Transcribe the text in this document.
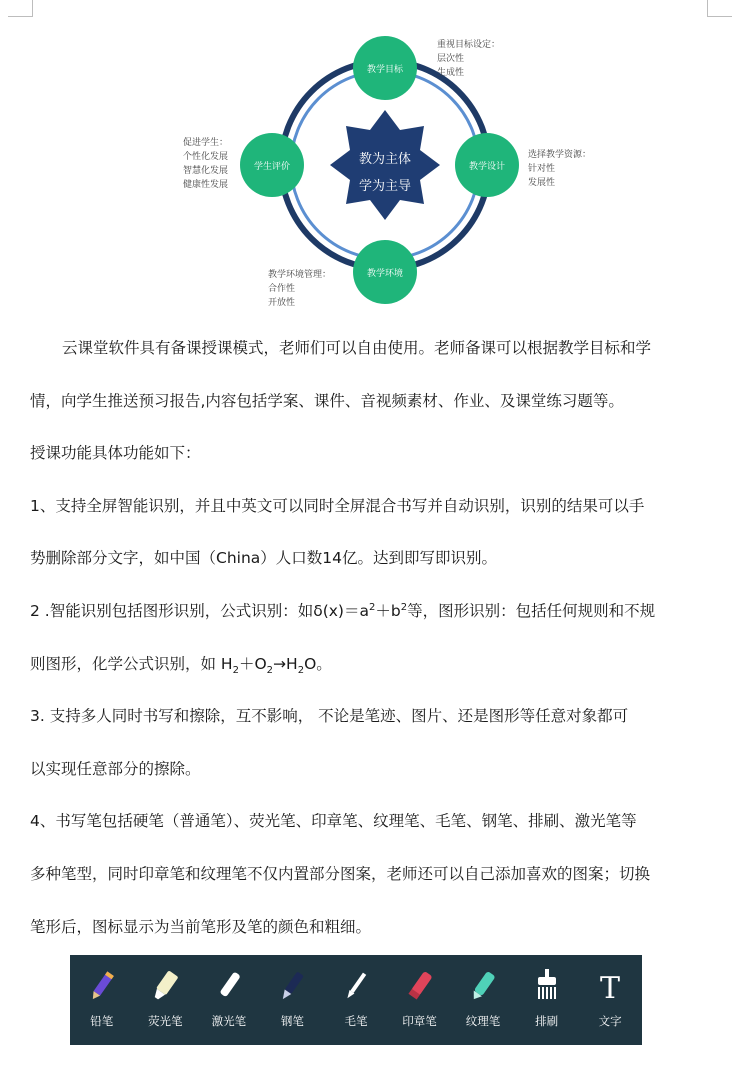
教为主体
学为主导
教学目标
教学设计
教学环境
学生评价
重视目标设定：
层次性
生成性
选择教学资源：
针对性
发展性
教学环境管理：
合作性
开放性
促进学生：
个性化发展
智慧化发展
健康性发展

云课堂软件具有备课授课模式，老师们可以自由使用。老师备课可以根据教学目标和学

情，向学生推送预习报告,内容包括学案、课件、音视频素材、作业、及课堂练习题等。

授课功能具体功能如下：

1、支持全屏智能识别，并且中英文可以同时全屏混合书写并自动识别，识别的结果可以手

势删除部分文字，如中国（China）人口数14亿。达到即写即识别。

2 .智能识别包括图形识别，公式识别：如$\delta(x)=a^2+b^2$等，图形识别：包括任何规则和不规

则图形，化学公式识别，如 $H_2+O_2\to H_2O$。

3. 支持多人同时书写和擦除，互不影响， 不论是笔迹、图片、还是图形等任意对象都可

以实现任意部分的擦除。

4、书写笔包括硬笔（普通笔）、荧光笔、印章笔、纹理笔、毛笔、钢笔、排刷、激光笔等

多种笔型，同时印章笔和纹理笔不仅内置部分图案，老师还可以自己添加喜欢的图案；切换

笔形后，图标显示为当前笔形及笔的颜色和粗细。

铅笔	荧光笔	激光笔	钢笔	毛笔	印章笔	纹理笔	排刷
T
文字
